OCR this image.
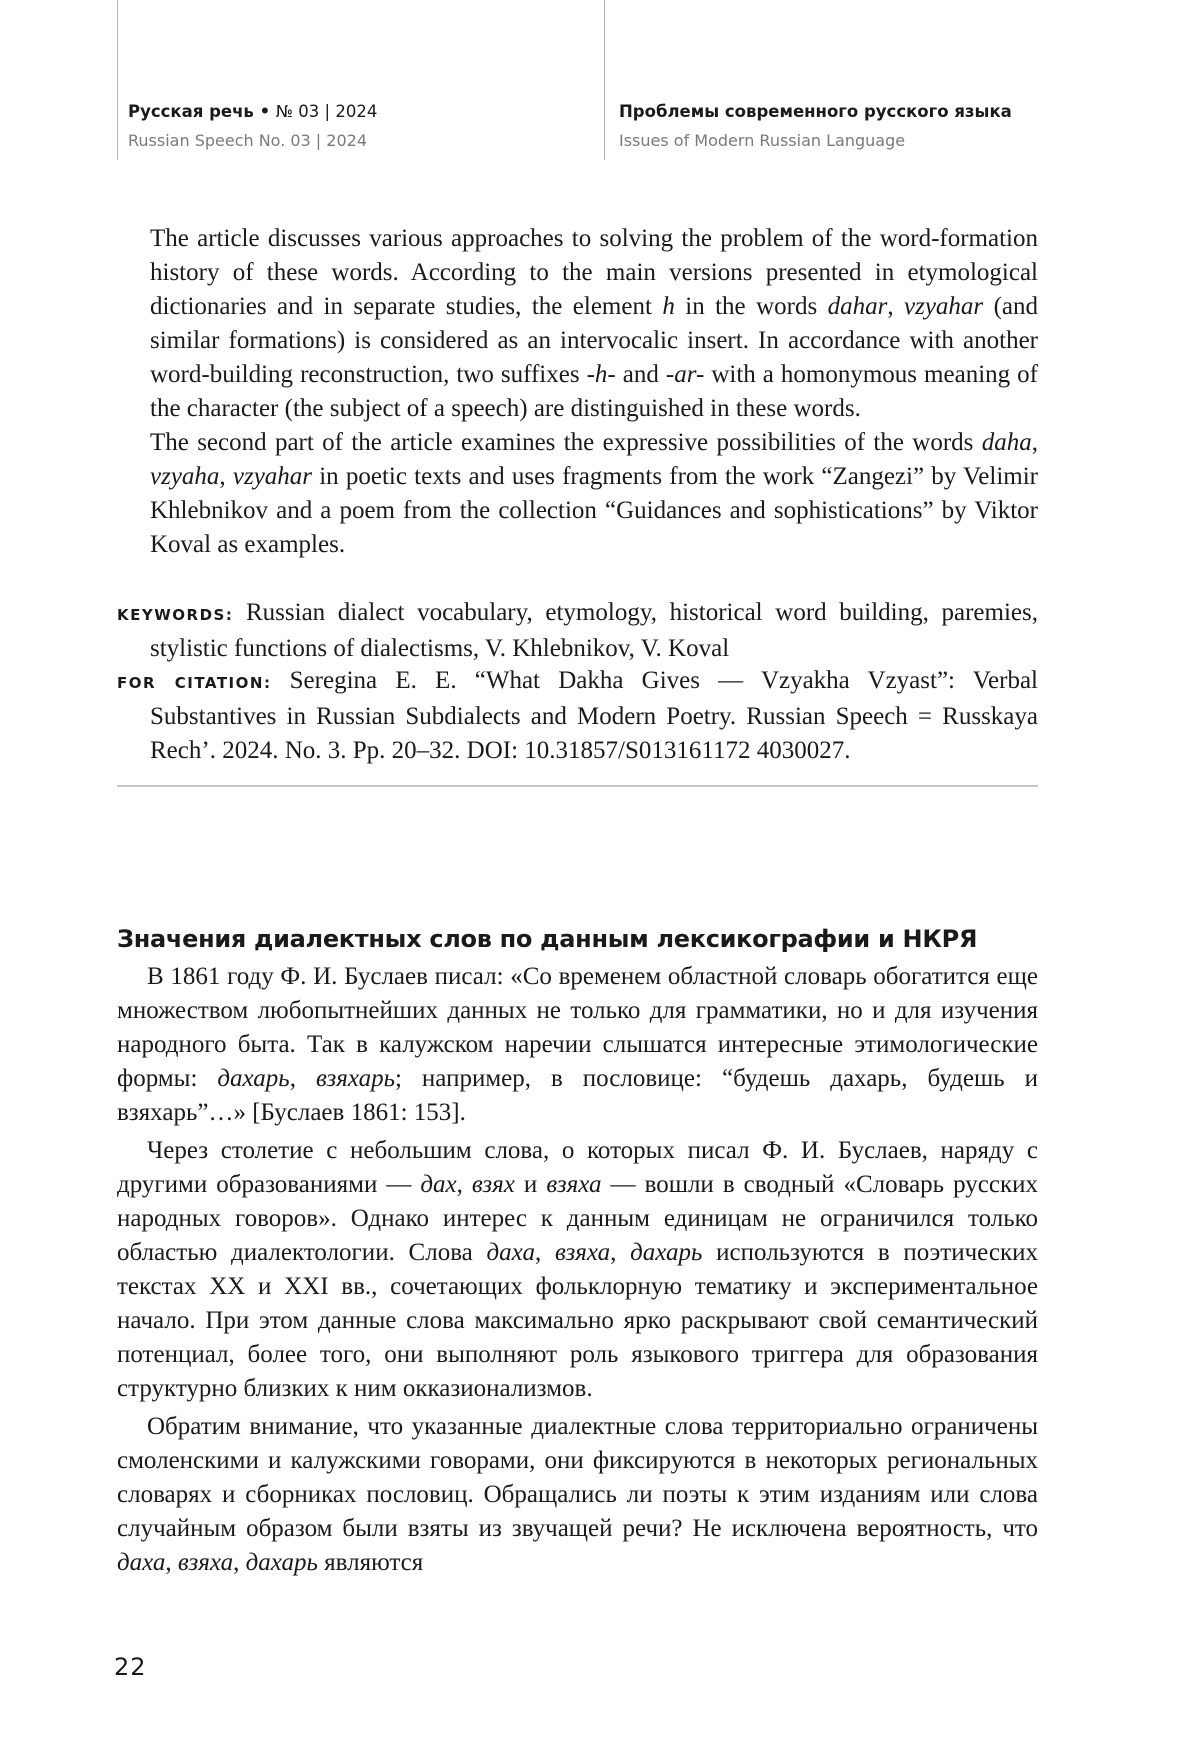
Русская речь • № 03 | 2024
Russian Speech No. 03 | 2024
Проблемы современного русского языка
Issues of Modern Russian Language

The article discusses various approaches to solving the problem of the word-formation history of these words. According to the main versions presented in etymological dictionaries and in separate studies, the element h in the words dahar, vzyahar (and similar formations) is considered as an intervocalic insert. In accordance with another word-building reconstruction, two suffixes -h- and -ar- with a homonymous meaning of the character (the subject of a speech) are distinguished in these words.

The second part of the article examines the expressive possibilities of the words daha, vzyaha, vzyahar in poetic texts and uses fragments from the work “Zangezi” by Velimir Khlebnikov and a poem from the collection “Guidances and sophistications” by Viktor Koval as examples.

KEYWORDS: Russian dialect vocabulary, etymology, historical word building, paremies, stylistic functions of dialectisms, V. Khlebnikov, V. Koval
FOR CITATION: Seregina E. E. “What Dakha Gives — Vzyakha Vzyast”: Verbal Substantives in Russian Subdialects and Modern Poetry. Russian Speech = Russkaya Rech’. 2024. No. 3. Pp. 20–32. DOI: 10.31857/S013161172 4030027.
Значения диалектных слов по данным лексикографии и НКРЯ

В 1861 году Ф. И. Буслаев писал: «Со временем областной словарь обогатится еще множеством любопытнейших данных не только для грамматики, но и для изучения народного быта. Так в калужском наречии слышатся интересные этимологические формы: дахарь, взяхарь; например, в пословице: “будешь дахарь, будешь и взяхарь”…» [Буслаев 1861: 153].

Через столетие с небольшим слова, о которых писал Ф. И. Буслаев, наряду с другими образованиями — дах, взях и взяха — вошли в сводный «Словарь русских народных говоров». Однако интерес к данным единицам не ограничился только областью диалектологии. Слова даха, взяха, дахарь используются в поэтических текстах XX и XXI вв., сочетающих фольклорную тематику и экспериментальное начало. При этом данные слова максимально ярко раскрывают свой семантический потенциал, более того, они выполняют роль языкового триггера для образования структурно близких к ним окказионализмов.

Обратим внимание, что указанные диалектные слова территориально ограничены смоленскими и калужскими говорами, они фиксируются в некоторых региональных словарях и сборниках пословиц. Обращались ли поэты к этим изданиям или слова случайным образом были взяты из звучащей речи? Не исключена вероятность, что даха, взяха, дахарь являются

22
